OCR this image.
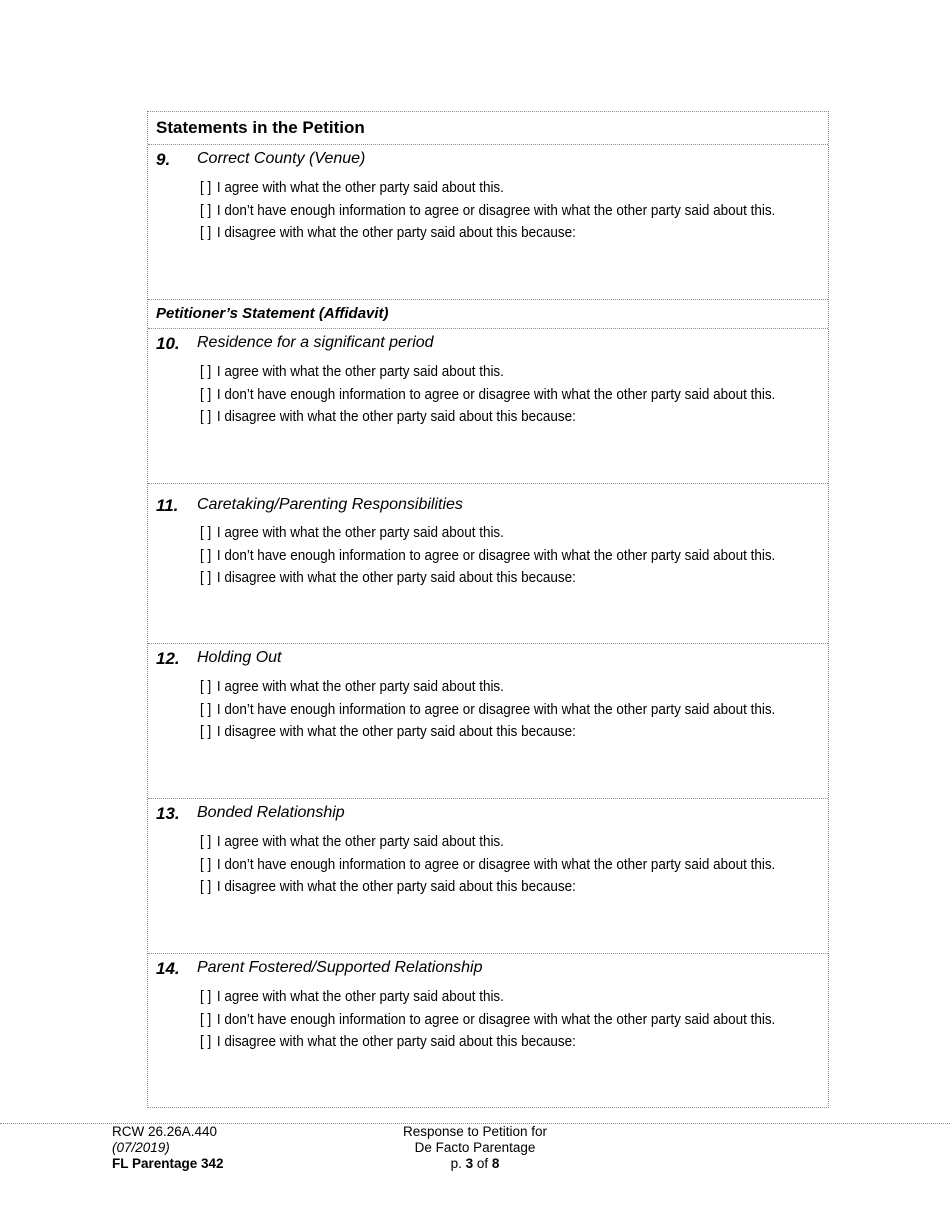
Statements in the Petition
9. Correct County (Venue)
[ ] I agree with what the other party said about this.
[ ] I don’t have enough information to agree or disagree with what the other party said about this.
[ ] I disagree with what the other party said about this because:
Petitioner’s Statement (Affidavit)
10. Residence for a significant period
[ ] I agree with what the other party said about this.
[ ] I don’t have enough information to agree or disagree with what the other party said about this.
[ ] I disagree with what the other party said about this because:
11. Caretaking/Parenting Responsibilities
[ ] I agree with what the other party said about this.
[ ] I don’t have enough information to agree or disagree with what the other party said about this.
[ ] I disagree with what the other party said about this because:
12. Holding Out
[ ] I agree with what the other party said about this.
[ ] I don’t have enough information to agree or disagree with what the other party said about this.
[ ] I disagree with what the other party said about this because:
13. Bonded Relationship
[ ] I agree with what the other party said about this.
[ ] I don’t have enough information to agree or disagree with what the other party said about this.
[ ] I disagree with what the other party said about this because:
14. Parent Fostered/Supported Relationship
[ ] I agree with what the other party said about this.
[ ] I don’t have enough information to agree or disagree with what the other party said about this.
[ ] I disagree with what the other party said about this because:
RCW 26.26A.440
(07/2019)
FL Parentage 342
Response to Petition for
De Facto Parentage
p. 3 of 8
